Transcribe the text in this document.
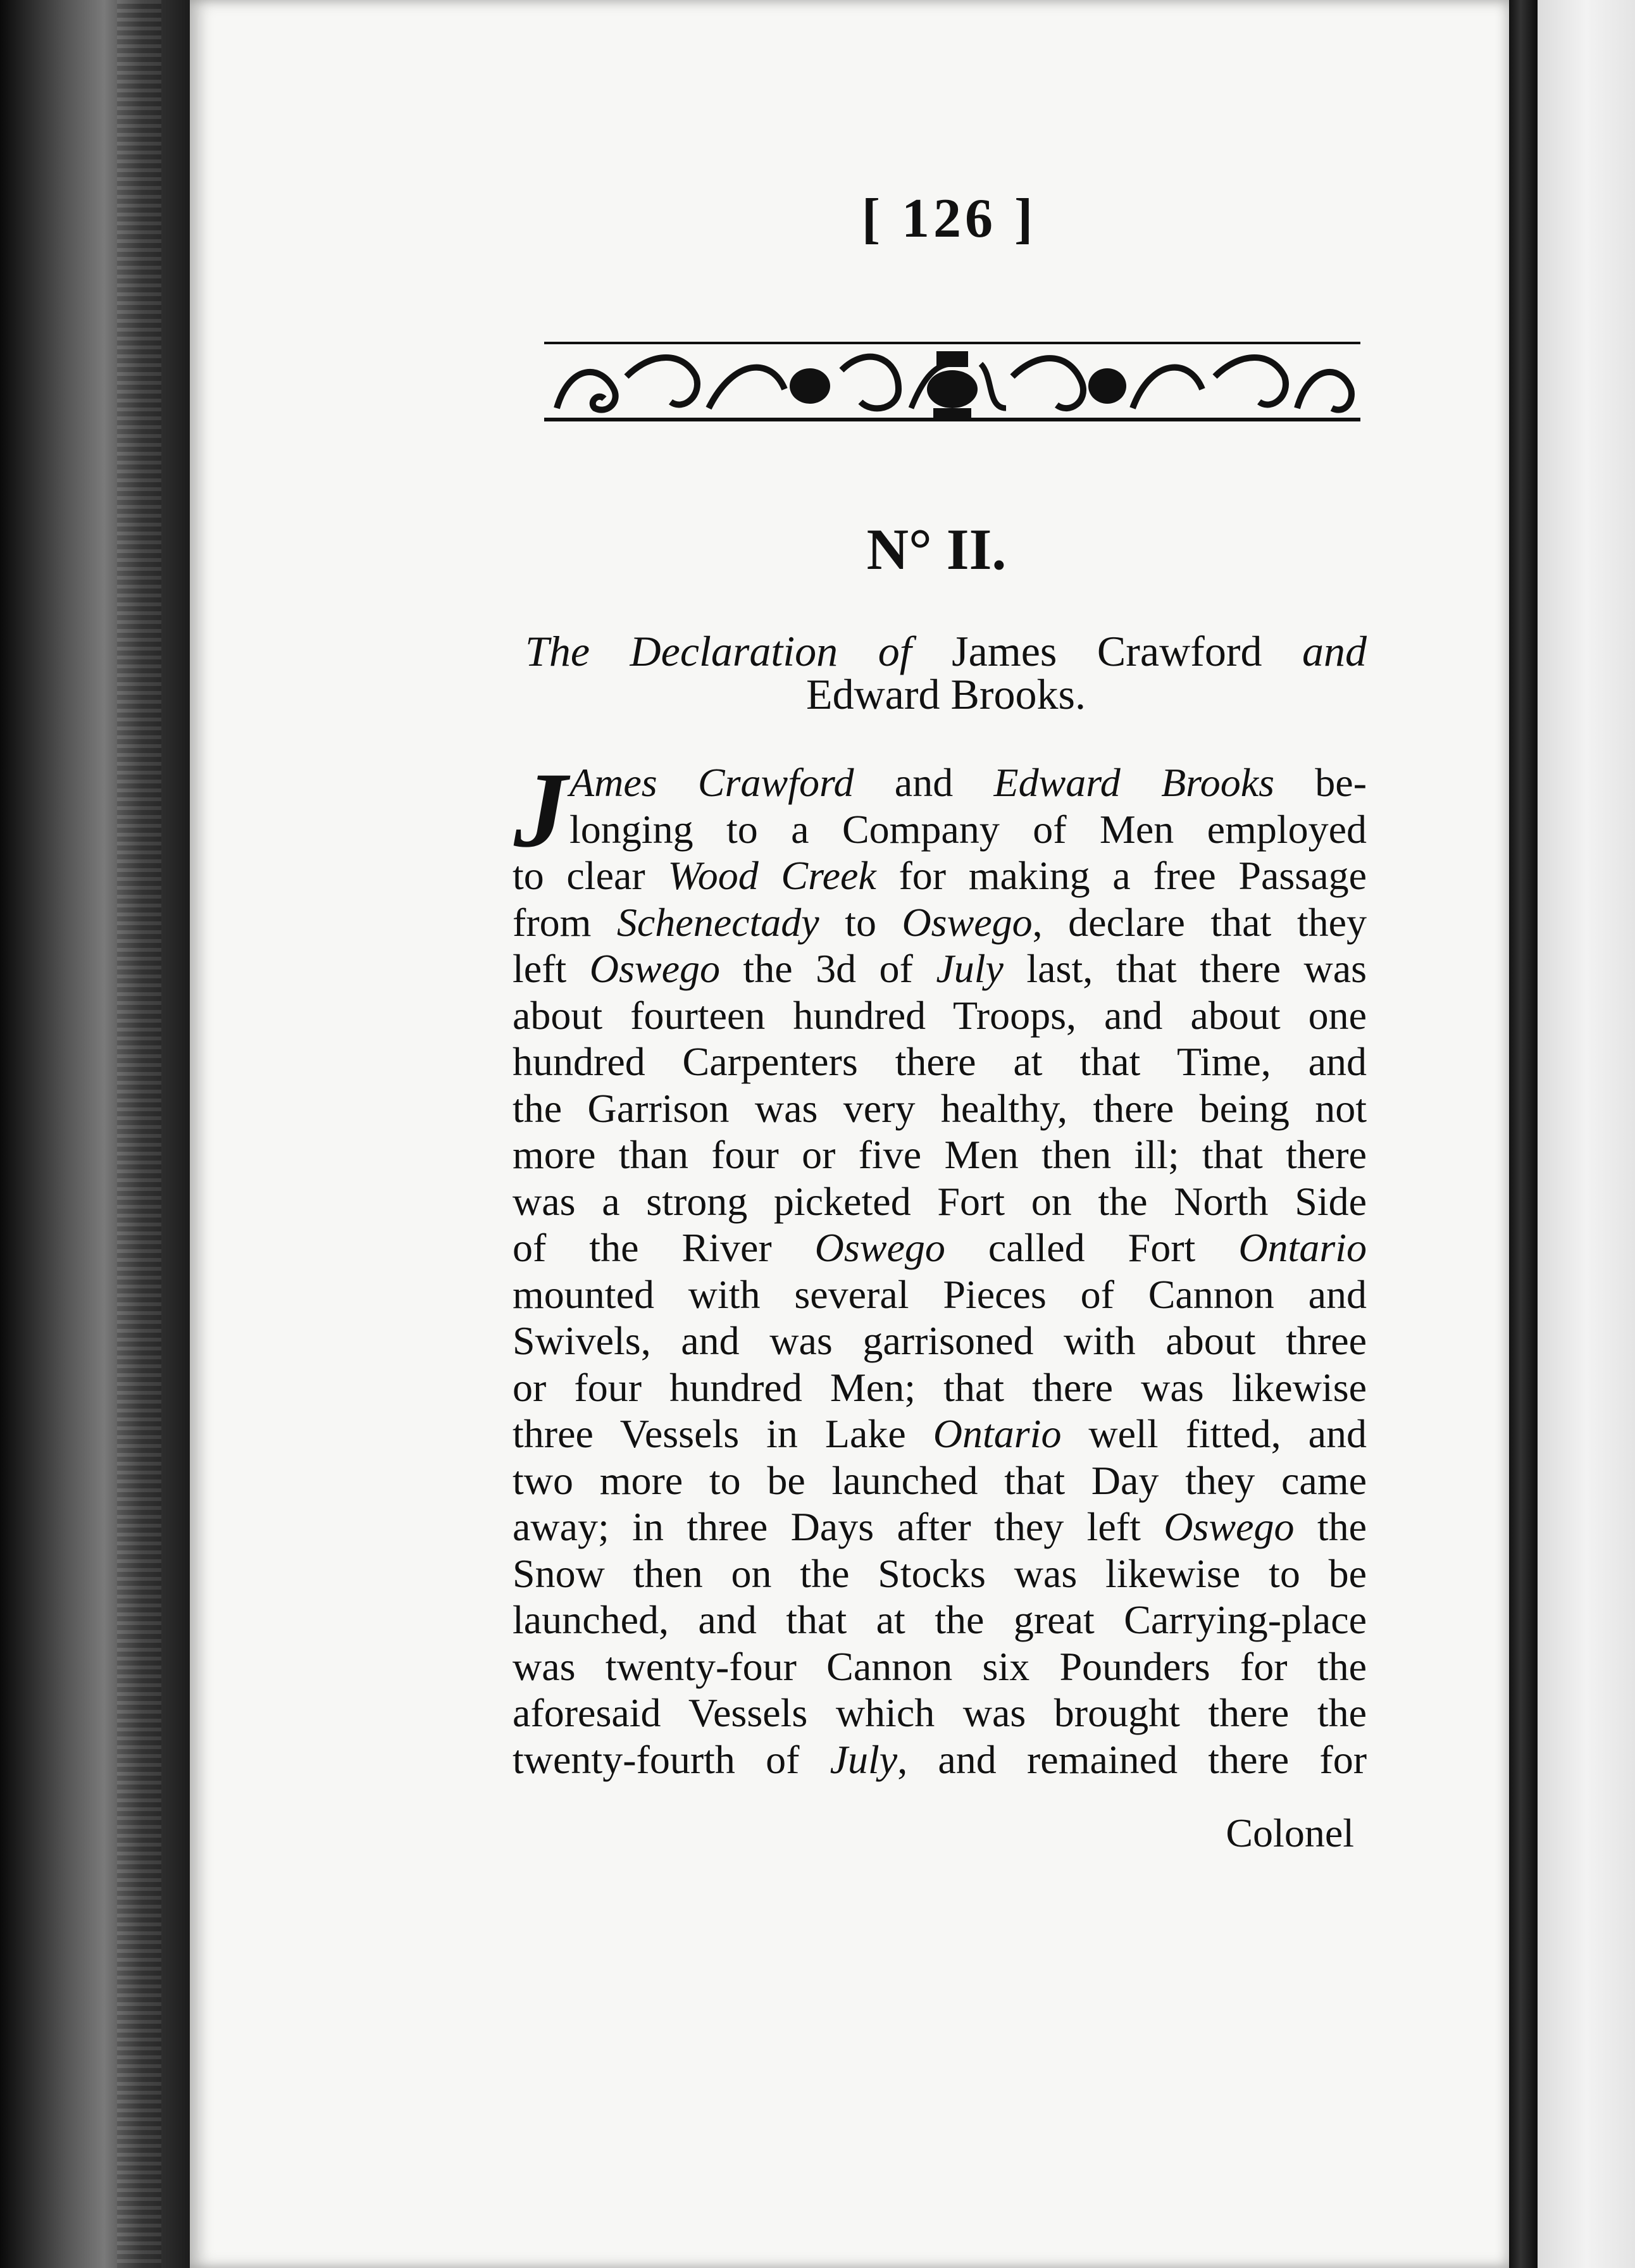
[ 126 ]
N° II.
The Declaration of James Crawford and
Edward Brooks.
J Ames Crawford and Edward Brooks be-
longing to a Company of Men employed
to clear Wood Creek for making a free Passage
from Schenectady to Oswego, declare that they
left Oswego the 3d of July last, that there was
about fourteen hundred Troops, and about one
hundred Carpenters there at that Time, and
the Garrison was very healthy, there being not
more than four or five Men then ill; that there
was a strong picketed Fort on the North Side
of the River Oswego called Fort Ontario
mounted with several Pieces of Cannon and
Swivels, and was garrisoned with about three
or four hundred Men; that there was likewise
three Vessels in Lake Ontario well fitted, and
two more to be launched that Day they came
away; in three Days after they left Oswego the
Snow then on the Stocks was likewise to be
launched, and that at the great Carrying-place
was twenty-four Cannon six Pounders for the
aforesaid Vessels which was brought there the
twenty-fourth of July, and remained there for
Colonel
